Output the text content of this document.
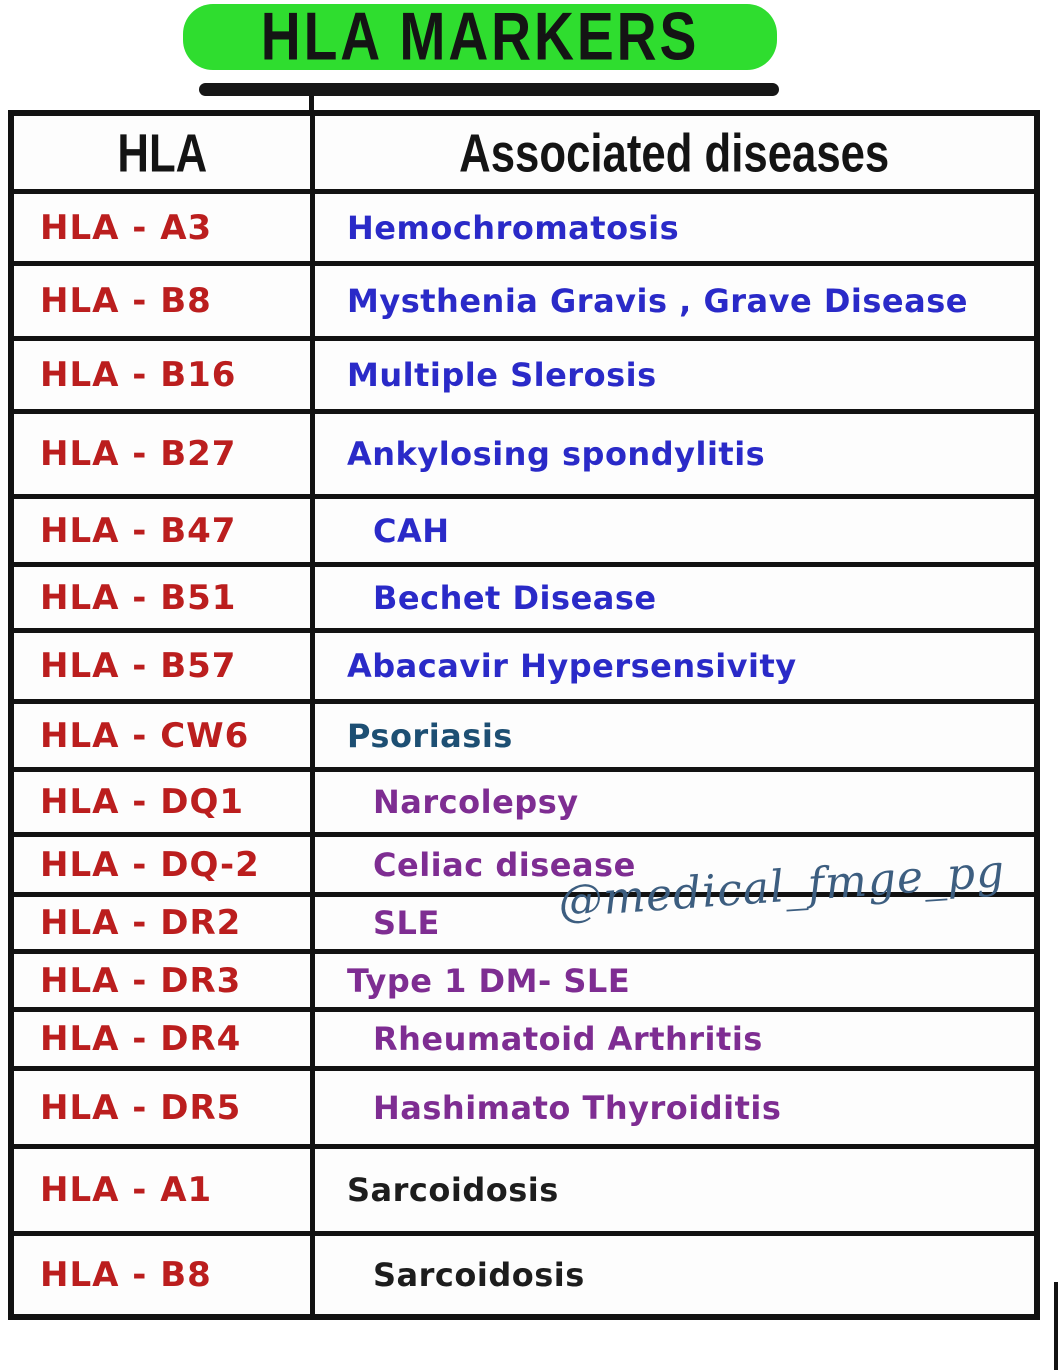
HLA MARKERS
HLA	Associated diseases
HLA - A3	Hemochromatosis
HLA - B8	Mysthenia Gravis , Grave Disease
HLA - B16	Multiple Slerosis
HLA - B27	Ankylosing spondylitis
HLA - B47	CAH
HLA - B51	Bechet Disease
HLA - B57	Abacavir Hypersensivity
HLA - CW6	Psoriasis
HLA - DQ1	Narcolepsy
HLA - DQ-2	Celiac disease
HLA - DR2	SLE
HLA - DR3	Type 1 DM- SLE
HLA - DR4	Rheumatoid Arthritis
HLA - DR5	Hashimato Thyroiditis
HLA - A1	Sarcoidosis
HLA - B8	Sarcoidosis
@medical_fmge_pg
